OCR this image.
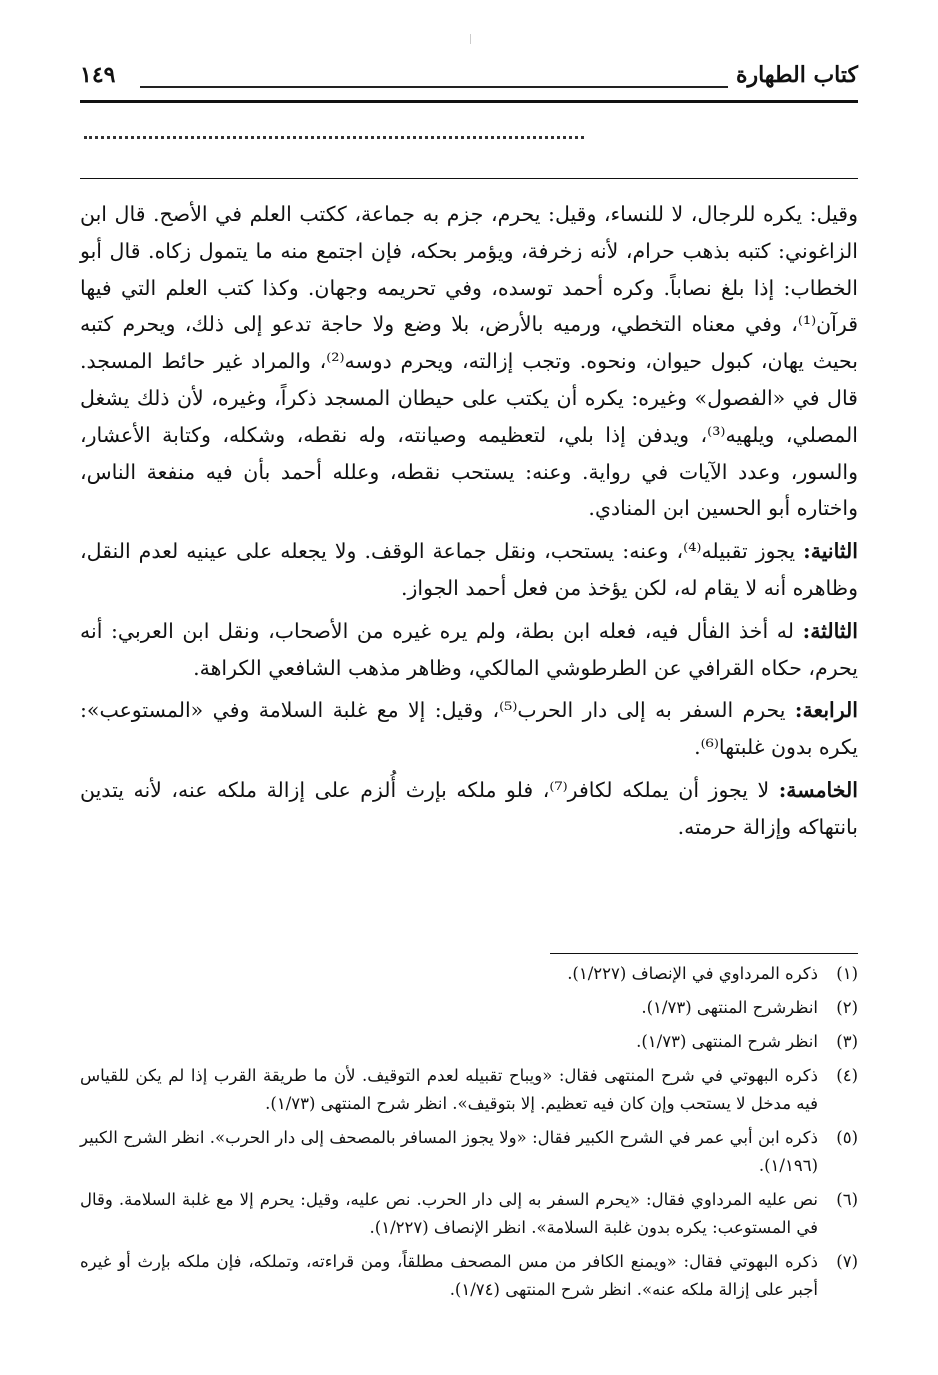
كتاب الطهارة
١٤٩

وقيل: يكره للرجال، لا للنساء، وقيل: يحرم، جزم به جماعة، ككتب العلم في الأصح. قال ابن الزاغوني: كتبه بذهب حرام، لأنه زخرفة، ويؤمر بحكه، فإن اجتمع منه ما يتمول زكاه. قال أبو الخطاب: إذا بلغ نصاباً. وكره أحمد توسده، وفي تحريمه وجهان. وكذا كتب العلم التي فيها قرآن⁽¹⁾، وفي معناه التخطي، ورميه بالأرض، بلا وضع ولا حاجة تدعو إلى ذلك، ويحرم كتبه بحيث يهان، كبول حيوان، ونحوه. وتجب إزالته، ويحرم دوسه⁽²⁾، والمراد غير حائط المسجد. قال في «الفصول» وغيره: يكره أن يكتب على حيطان المسجد ذكراً، وغيره، لأن ذلك يشغل المصلي، ويلهيه⁽³⁾، ويدفن إذا بلي، لتعظيمه وصيانته، وله نقطه، وشكله، وكتابة الأعشار، والسور، وعدد الآيات في رواية. وعنه: يستحب نقطه، وعلله أحمد بأن فيه منفعة الناس، واختاره أبو الحسين ابن المنادي.

الثانية: يجوز تقبيله⁽⁴⁾، وعنه: يستحب، ونقل جماعة الوقف. ولا يجعله على عينيه لعدم النقل، وظاهره أنه لا يقام له، لكن يؤخذ من فعل أحمد الجواز.

الثالثة: له أخذ الفأل فيه، فعله ابن بطة، ولم يره غيره من الأصحاب، ونقل ابن العربي: أنه يحرم، حكاه القرافي عن الطرطوشي المالكي، وظاهر مذهب الشافعي الكراهة.

الرابعة: يحرم السفر به إلى دار الحرب⁽⁵⁾، وقيل: إلا مع غلبة السلامة وفي «المستوعب»: يكره بدون غلبتها⁽⁶⁾.

الخامسة: لا يجوز أن يملكه لكافر⁽⁷⁾، فلو ملكه بإرث أُلزم على إزالة ملكه عنه، لأنه يتدين بانتهاكه وإزالة حرمته.

(١)
ذكره المرداوي في الإنصاف (١/٢٢٧).
(٢)
انظرشرح المنتهى (١/٧٣).
(٣)
انظر شرح المنتهى (١/٧٣).
(٤)
ذكره البهوتي في شرح المنتهى فقال: «ويباح تقبيله لعدم التوقيف. لأن ما طريقة القرب إذا لم يكن للقياس فيه مدخل لا يستحب وإن كان فيه تعظيم. إلا بتوقيف». انظر شرح المنتهى (١/٧٣).
(٥)
ذكره ابن أبي عمر في الشرح الكبير فقال: «ولا يجوز المسافر بالمصحف إلى دار الحرب». انظر الشرح الكبير (١/١٩٦).
(٦)
نص عليه المرداوي فقال: «يحرم السفر به إلى دار الحرب. نص عليه، وقيل: يحرم إلا مع غلبة السلامة. وقال في المستوعب: يكره بدون غلبة السلامة». انظر الإنصاف (١/٢٢٧).
(٧)
ذكره البهوتي فقال: «ويمنع الكافر من مس المصحف مطلقاً، ومن قراءته، وتملكه، فإن ملكه بإرث أو غيره أجبر على إزالة ملكه عنه». انظر شرح المنتهى (١/٧٤).
